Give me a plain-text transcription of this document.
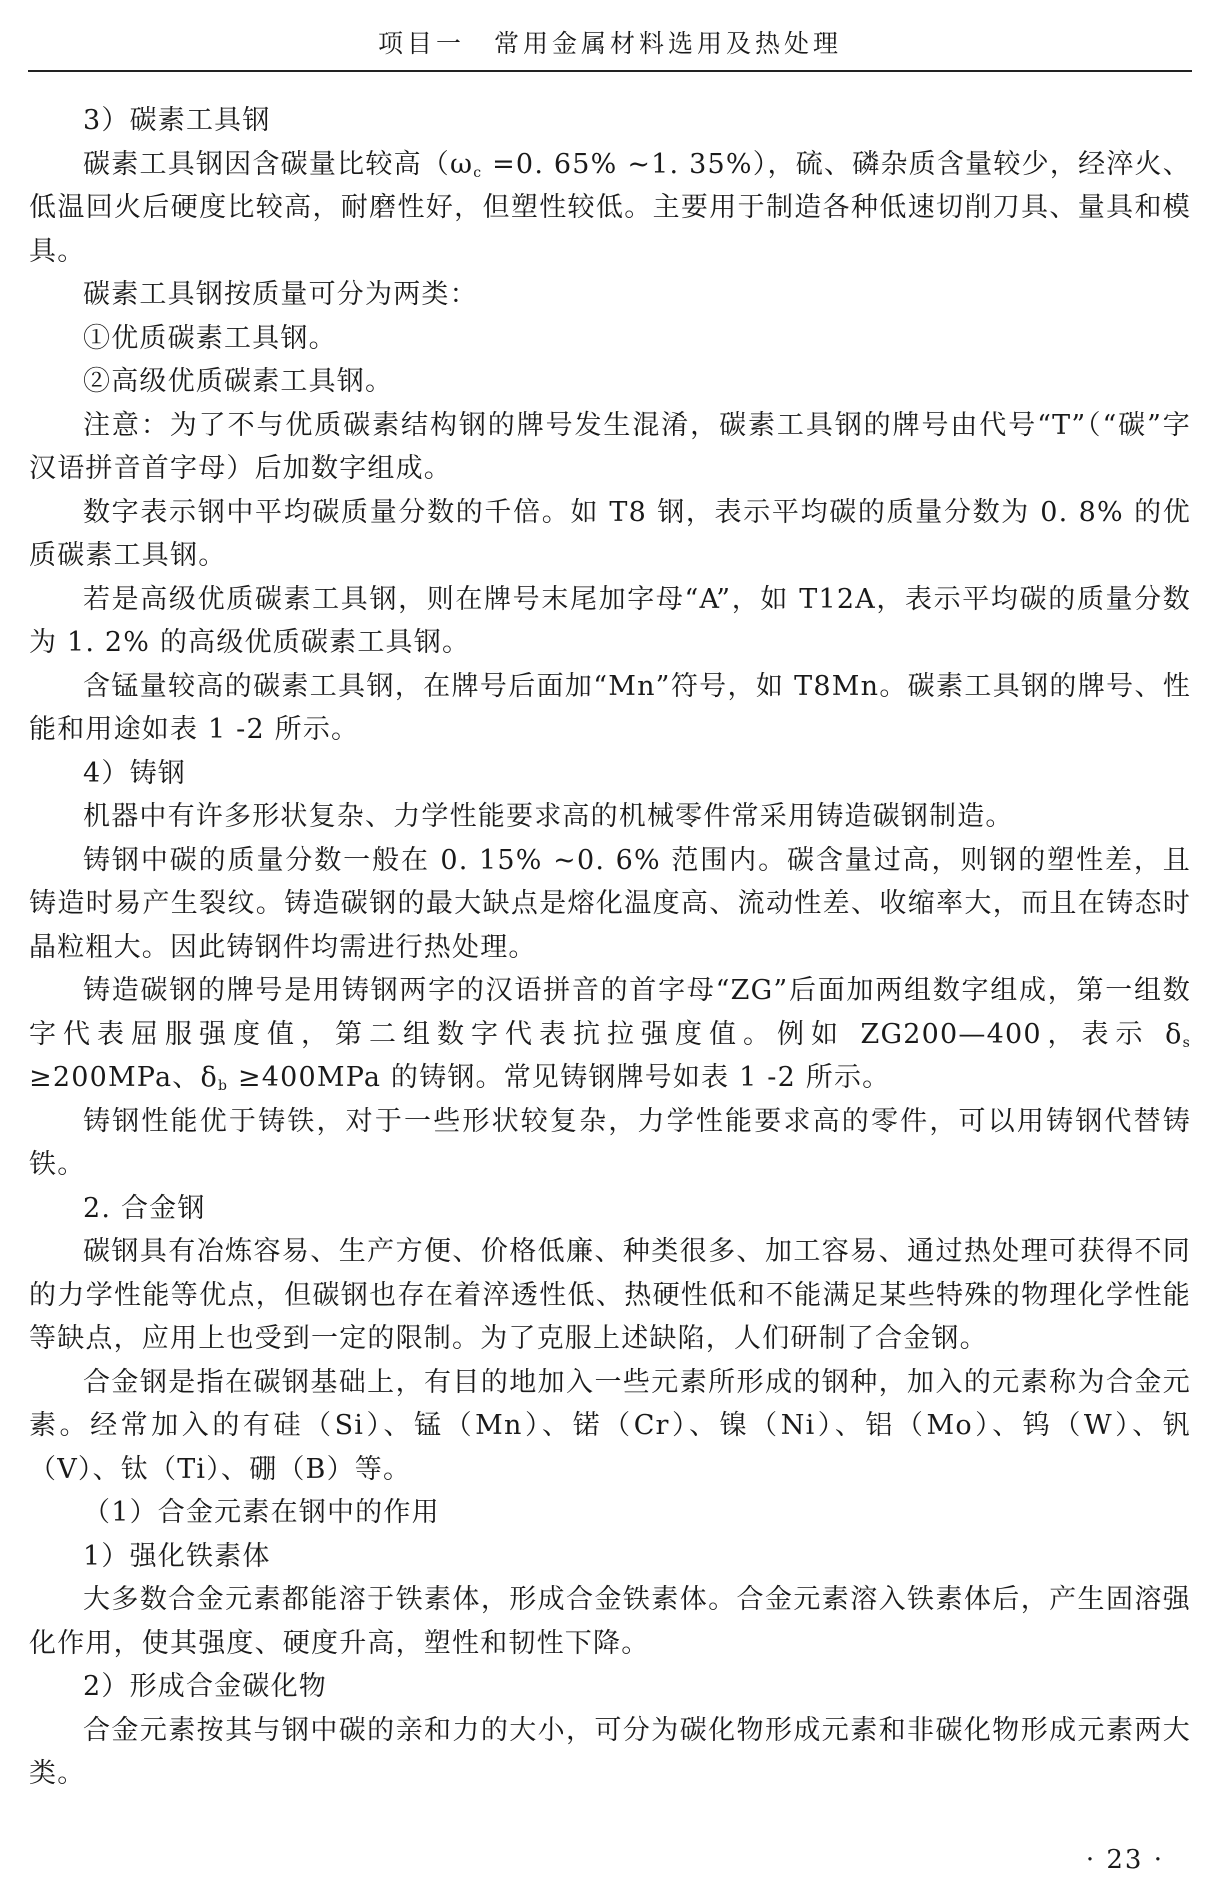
项目一　常用金属材料选用及热处理

3）碳素工具钢

碳素工具钢因含碳量比较高（$\omega_c =0$. 65% ~1. 35%），硫、磷杂质含量较少，经淬火、低温回火后硬度比较高，耐磨性好，但塑性较低。主要用于制造各种低速切削刀具、量具和模具。

碳素工具钢按质量可分为两类：

①优质碳素工具钢。

②高级优质碳素工具钢。

注意：为了不与优质碳素结构钢的牌号发生混淆，碳素工具钢的牌号由代号“T”（“碳”字汉语拼音首字母）后加数字组成。

数字表示钢中平均碳质量分数的千倍。如 T8 钢，表示平均碳的质量分数为 0. 8% 的优质碳素工具钢。

若是高级优质碳素工具钢，则在牌号末尾加字母“A”，如 T12A，表示平均碳的质量分数为 1. 2% 的高级优质碳素工具钢。

含锰量较高的碳素工具钢，在牌号后面加“Mn”符号，如 T8Mn。碳素工具钢的牌号、性能和用途如表 1 -2 所示。

4）铸钢

机器中有许多形状复杂、力学性能要求高的机械零件常采用铸造碳钢制造。

铸钢中碳的质量分数一般在 0. 15% ~0. 6% 范围内。碳含量过高，则钢的塑性差，且铸造时易产生裂纹。铸造碳钢的最大缺点是熔化温度高、流动性差、收缩率大，而且在铸态时晶粒粗大。因此铸钢件均需进行热处理。

铸造碳钢的牌号是用铸钢两字的汉语拼音的首字母“ZG”后面加两组数字组成，第一组数字代表屈服强度值，第二组数字代表抗拉强度值。例如 ZG200—400，表示 $\delta_s \ge 200MPa$、$\delta_b \ge 400MPa$ 的铸钢。常见铸钢牌号如表 1 -2 所示。

铸钢性能优于铸铁，对于一些形状较复杂，力学性能要求高的零件，可以用铸钢代替铸铁。

2. 合金钢

碳钢具有冶炼容易、生产方便、价格低廉、种类很多、加工容易、通过热处理可获得不同的力学性能等优点，但碳钢也存在着淬透性低、热硬性低和不能满足某些特殊的物理化学性能等缺点，应用上也受到一定的限制。为了克服上述缺陷，人们研制了合金钢。

合金钢是指在碳钢基础上，有目的地加入一些元素所形成的钢种，加入的元素称为合金元素。经常加入的有硅（Si）、锰（Mn）、锘（Cr）、镍（Ni）、铝（Mo）、钨（W）、钒（V）、钛（Ti）、硼（B）等。

（1）合金元素在钢中的作用

1）强化铁素体

大多数合金元素都能溶于铁素体，形成合金铁素体。合金元素溶入铁素体后，产生固溶强化作用，使其强度、硬度升高，塑性和韧性下降。

2）形成合金碳化物

合金元素按其与钢中碳的亲和力的大小，可分为碳化物形成元素和非碳化物形成元素两大类。

· 23 ·
